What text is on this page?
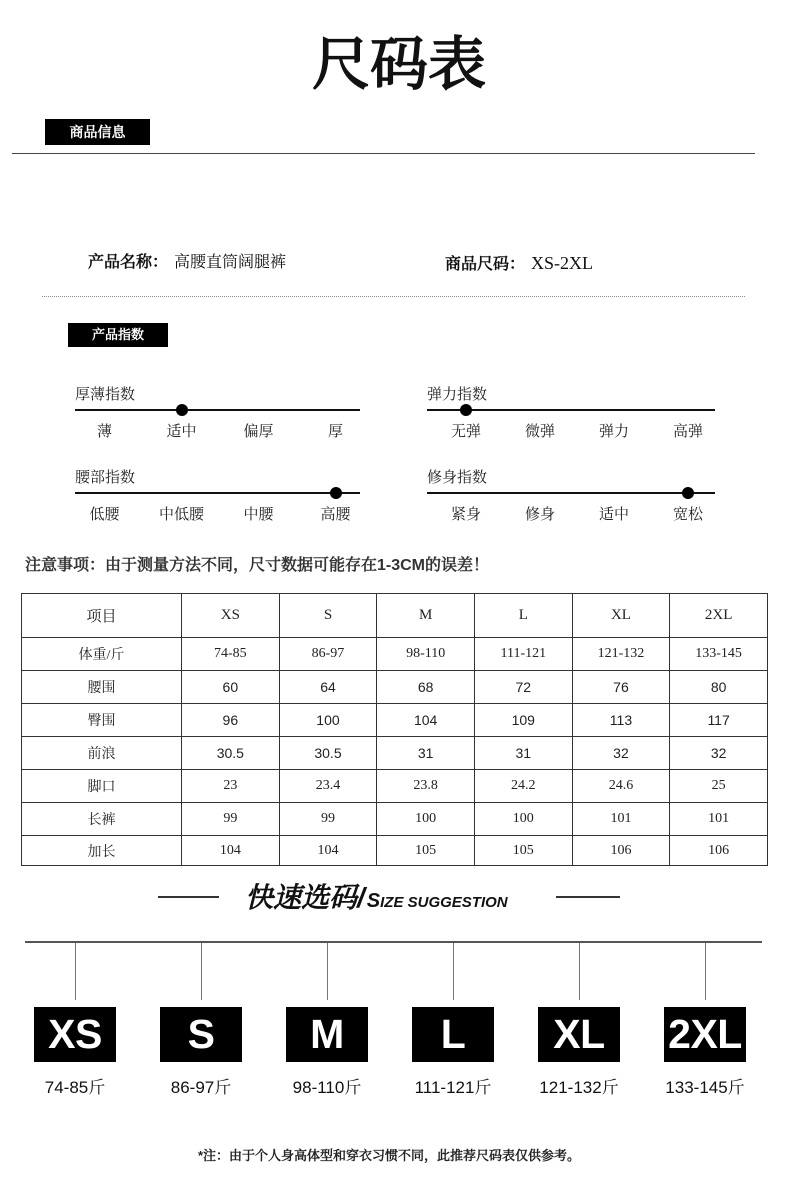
尺码表
商品信息
产品名称： 高腰直筒阔腿裤	商品尺码： XS-2XL
产品指数
厚薄指数
薄	适中	偏厚	厚
弹力指数
无弹	微弹	弹力	高弹
腰部指数
低腰	中低腰	中腰	高腰
修身指数
紧身	修身	适中	宽松
注意事项：由于测量方法不同，尺寸数据可能存在1-3CM的误差！
项目	XS	S	M	L	XL	2XL
体重/斤	74-85	86-97	98-110	111-121	121-132	133-145
腰围	60	64	68	72	76	80
臀围	96	100	104	109	113	117
前浪	30.5	30.5	31	31	32	32
脚口	23	23.4	23.8	24.2	24.6	25
长裤	99	99	100	100	101	101
加长	104	104	105	105	106	106
快速选码/ SIZE SUGGESTION
XS
74-85斤
S
86-97斤
M
98-110斤
L
111-121斤
XL
121-132斤
2XL
133-145斤
*注：由于个人身高体型和穿衣习惯不同，此推荐尺码表仅供参考。
